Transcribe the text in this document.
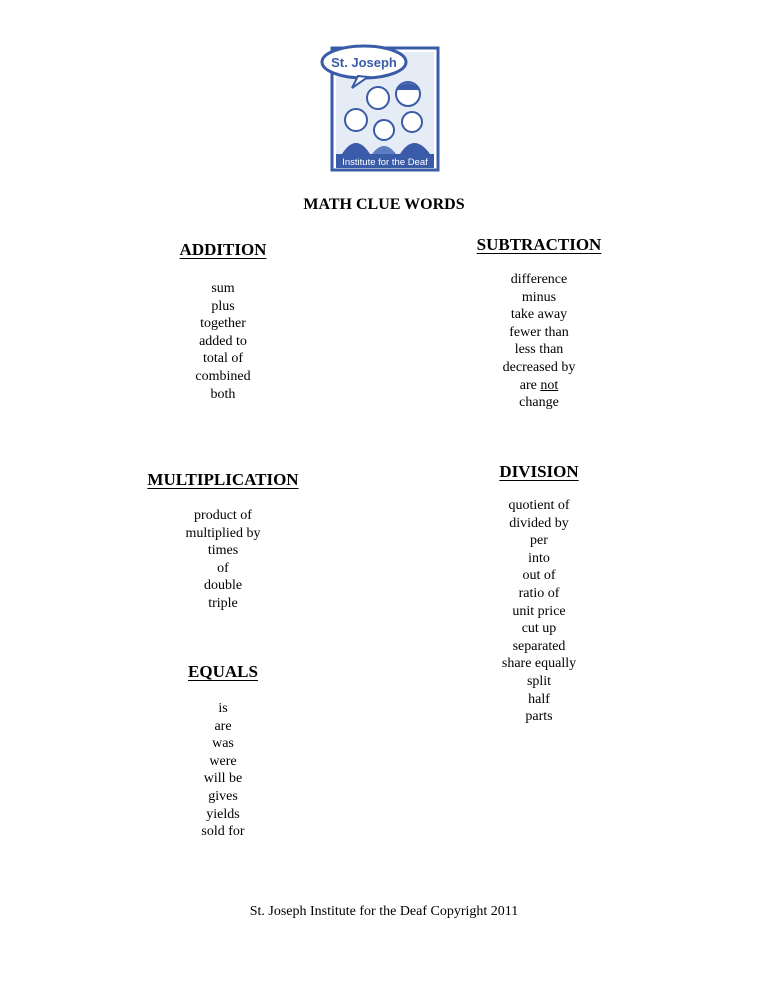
St. Joseph
Institute for the Deaf
MATH CLUE WORDS
ADDITION
sum
plus
together
added to
total of
combined
both
SUBTRACTION
difference
minus
take away
fewer than
less than
decreased by
are not
change
MULTIPLICATION
product of
multiplied by
times
of
double
triple
DIVISION
quotient of
divided by
per
into
out of
ratio of
unit price
cut up
separated
share equally
split
half
parts
EQUALS
is
are
was
were
will be
gives
yields
sold for
St. Joseph Institute for the Deaf Copyright 2011
